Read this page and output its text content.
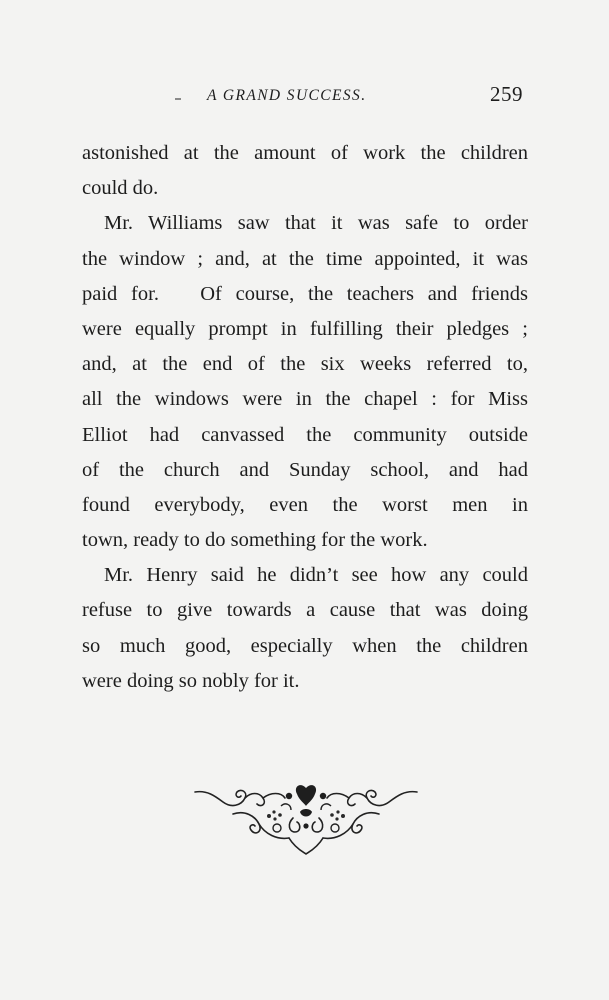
A GRAND SUCCESS.	259
astonished at the amount of work the children
could do.
Mr. Williams saw that it was safe to order
the window ; and, at the time appointed, it was
paid for.   Of course, the teachers and friends
were equally prompt in fulfilling their pledges ;
and, at the end of the six weeks referred to,
all the windows were in the chapel : for Miss
Elliot had canvassed the community outside
of the church and Sunday school, and had
found everybody, even the worst men in
town, ready to do something for the work.
Mr. Henry said he didn’t see how any could
refuse to give towards a cause that was doing
so much good, especially when the children
were doing so nobly for it.
